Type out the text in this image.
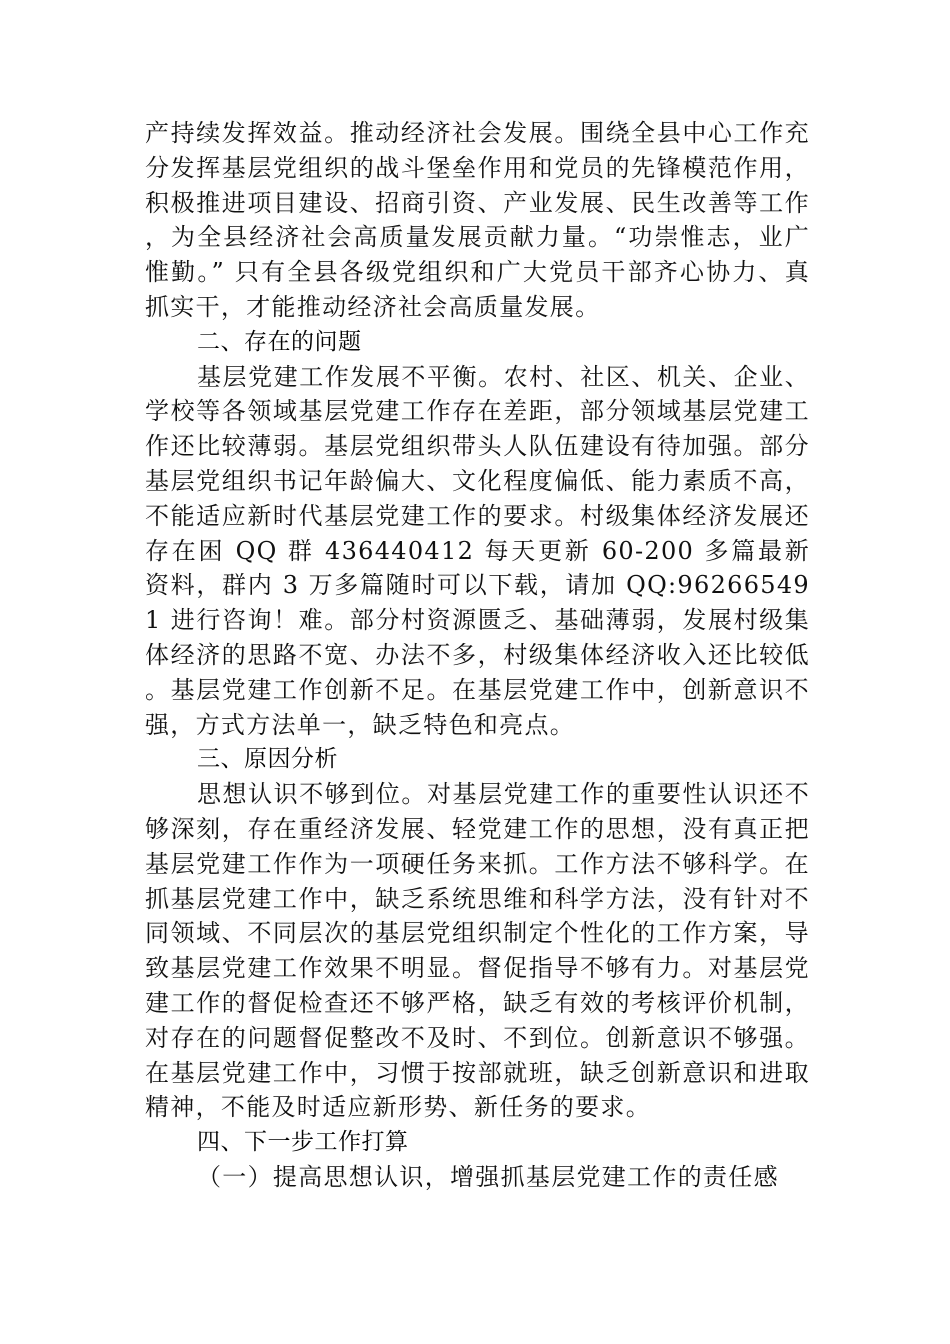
产持续发挥效益。推动经济社会发展。围绕全县中心工作充分发挥基层党组织的战斗堡垒作用和党员的先锋模范作用，积极推进项目建设、招商引资、产业发展、民生改善等工作，为全县经济社会高质量发展贡献力量。“功崇惟志，业广惟勤。” 只有全县各级党组织和广大党员干部齐心协力、真抓实干，才能推动经济社会高质量发展。

二、存在的问题

基层党建工作发展不平衡。农村、社区、机关、企业、学校等各领域基层党建工作存在差距，部分领域基层党建工作还比较薄弱。基层党组织带头人队伍建设有待加强。部分基层党组织书记年龄偏大、文化程度偏低、能力素质不高，不能适应新时代基层党建工作的要求。村级集体经济发展还存在困 QQ 群 436440412 每天更新 60-200 多篇最新资料，群内 3 万多篇随时可以下载，请加 QQ:962665491 进行咨询！难。部分村资源匮乏、基础薄弱，发展村级集体经济的思路不宽、办法不多，村级集体经济收入还比较低。基层党建工作创新不足。在基层党建工作中，创新意识不强，方式方法单一，缺乏特色和亮点。

三、原因分析

思想认识不够到位。对基层党建工作的重要性认识还不够深刻，存在重经济发展、轻党建工作的思想，没有真正把基层党建工作作为一项硬任务来抓。工作方法不够科学。在抓基层党建工作中，缺乏系统思维和科学方法，没有针对不同领域、不同层次的基层党组织制定个性化的工作方案，导致基层党建工作效果不明显。督促指导不够有力。对基层党建工作的督促检查还不够严格，缺乏有效的考核评价机制，对存在的问题督促整改不及时、不到位。创新意识不够强。在基层党建工作中，习惯于按部就班，缺乏创新意识和进取精神，不能及时适应新形势、新任务的要求。

四、下一步工作打算

（一）提高思想认识，增强抓基层党建工作的责任感
